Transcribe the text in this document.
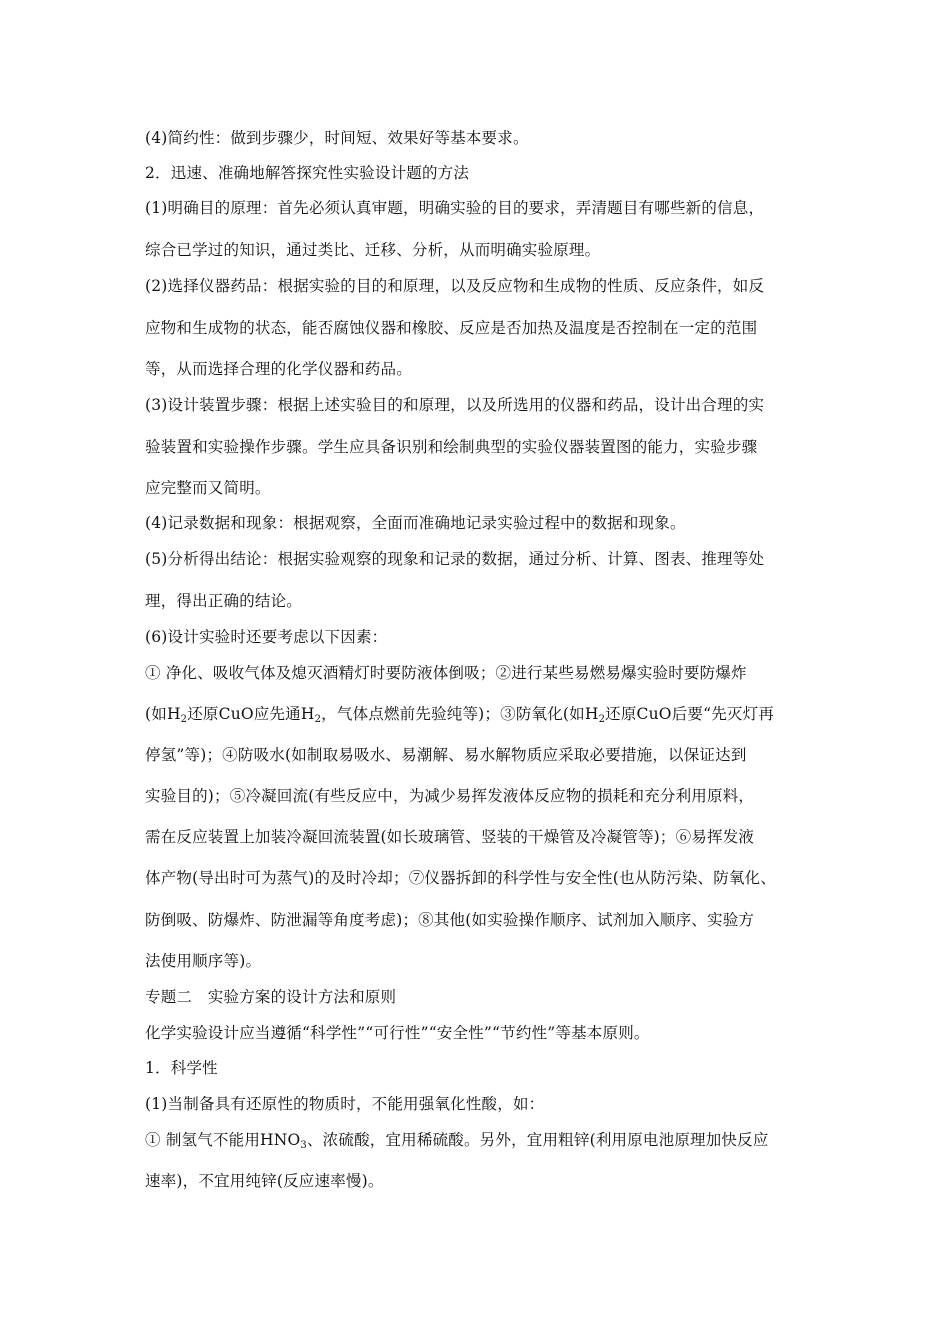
(4)简约性：做到步骤少，时间短、效果好等基本要求。
2．迅速、准确地解答探究性实验设计题的方法
(1)明确目的原理：首先必须认真审题，明确实验的目的要求，弄清题目有哪些新的信息，
综合已学过的知识，通过类比、迁移、分析，从而明确实验原理。
(2)选择仪器药品：根据实验的目的和原理，以及反应物和生成物的性质、反应条件，如反
应物和生成物的状态，能否腐蚀仪器和橡胶、反应是否加热及温度是否控制在一定的范围
等，从而选择合理的化学仪器和药品。
(3)设计装置步骤：根据上述实验目的和原理，以及所选用的仪器和药品，设计出合理的实
验装置和实验操作步骤。学生应具备识别和绘制典型的实验仪器装置图的能力，实验步骤
应完整而又简明。
(4)记录数据和现象：根据观察，全面而准确地记录实验过程中的数据和现象。
(5)分析得出结论：根据实验观察的现象和记录的数据，通过分析、计算、图表、推理等处
理，得出正确的结论。
(6)设计实验时还要考虑以下因素：
① 净化、吸收气体及熄灭酒精灯时要防液体倒吸；②进行某些易燃易爆实验时要防爆炸
(如$H_2$还原CuO应先通$H_2$，气体点燃前先验纯等)；③防氧化(如$H_2$还原CuO后要“先灭灯再
停氢”等)；④防吸水(如制取易吸水、易潮解、易水解物质应采取必要措施，以保证达到
实验目的)；⑤冷凝回流(有些反应中，为减少易挥发液体反应物的损耗和充分利用原料，
需在反应装置上加装冷凝回流装置(如长玻璃管、竖装的干燥管及冷凝管等)；⑥易挥发液
体产物(导出时可为蒸气)的及时冷却；⑦仪器拆卸的科学性与安全性(也从防污染、防氧化、
防倒吸、防爆炸、防泄漏等角度考虑)；⑧其他(如实验操作顺序、试剂加入顺序、实验方
法使用顺序等)。
专题二　实验方案的设计方法和原则
化学实验设计应当遵循“科学性”“可行性”“安全性”“节约性”等基本原则。
1．科学性
(1)当制备具有还原性的物质时，不能用强氧化性酸，如：
① 制氢气不能用$HNO_3$、浓硫酸，宜用稀硫酸。另外，宜用粗锌(利用原电池原理加快反应
速率)，不宜用纯锌(反应速率慢)。
